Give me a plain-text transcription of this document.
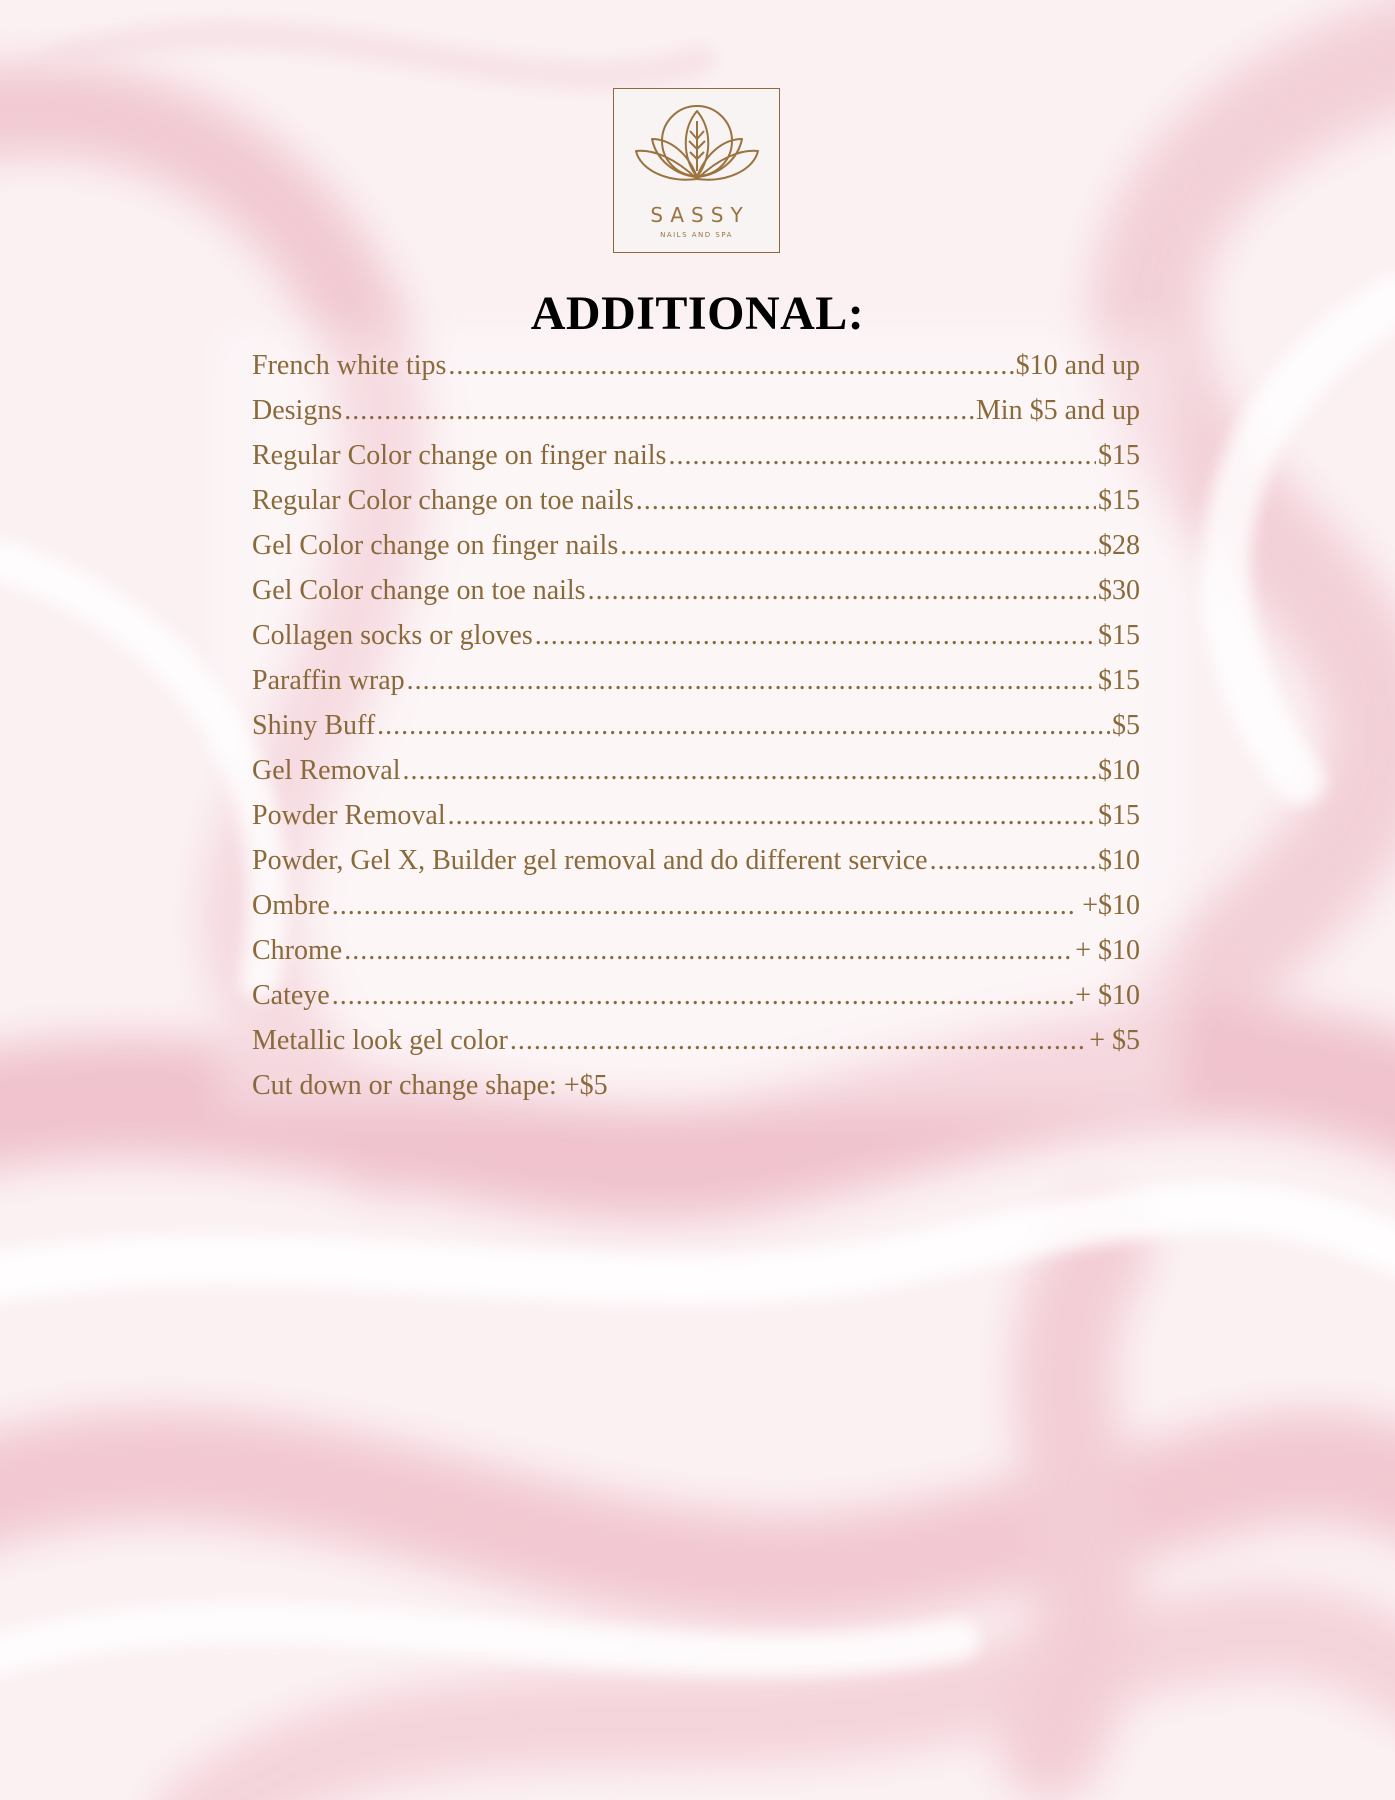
SASSY
NAILS AND SPA
ADDITIONAL:
French white tips .....	$10 and up
Designs .....	Min $5 and up
Regular Color change on finger nails .....	$15
Regular Color change on toe nails .....	$15
Gel Color change on finger nails .....	$28
Gel Color change on toe nails .....	$30
Collagen socks or gloves .....	$15
Paraffin wrap .....	$15
Shiny Buff .....	$5
Gel Removal .....	$10
Powder Removal .....	$15
Powder, Gel X, Builder gel removal and do different service .....	$10
Ombre .....	+$10
Chrome .....	+ $10
Cateye .....	+ $10
Metallic look gel color .....	+ $5
Cut down or change shape: +$5
